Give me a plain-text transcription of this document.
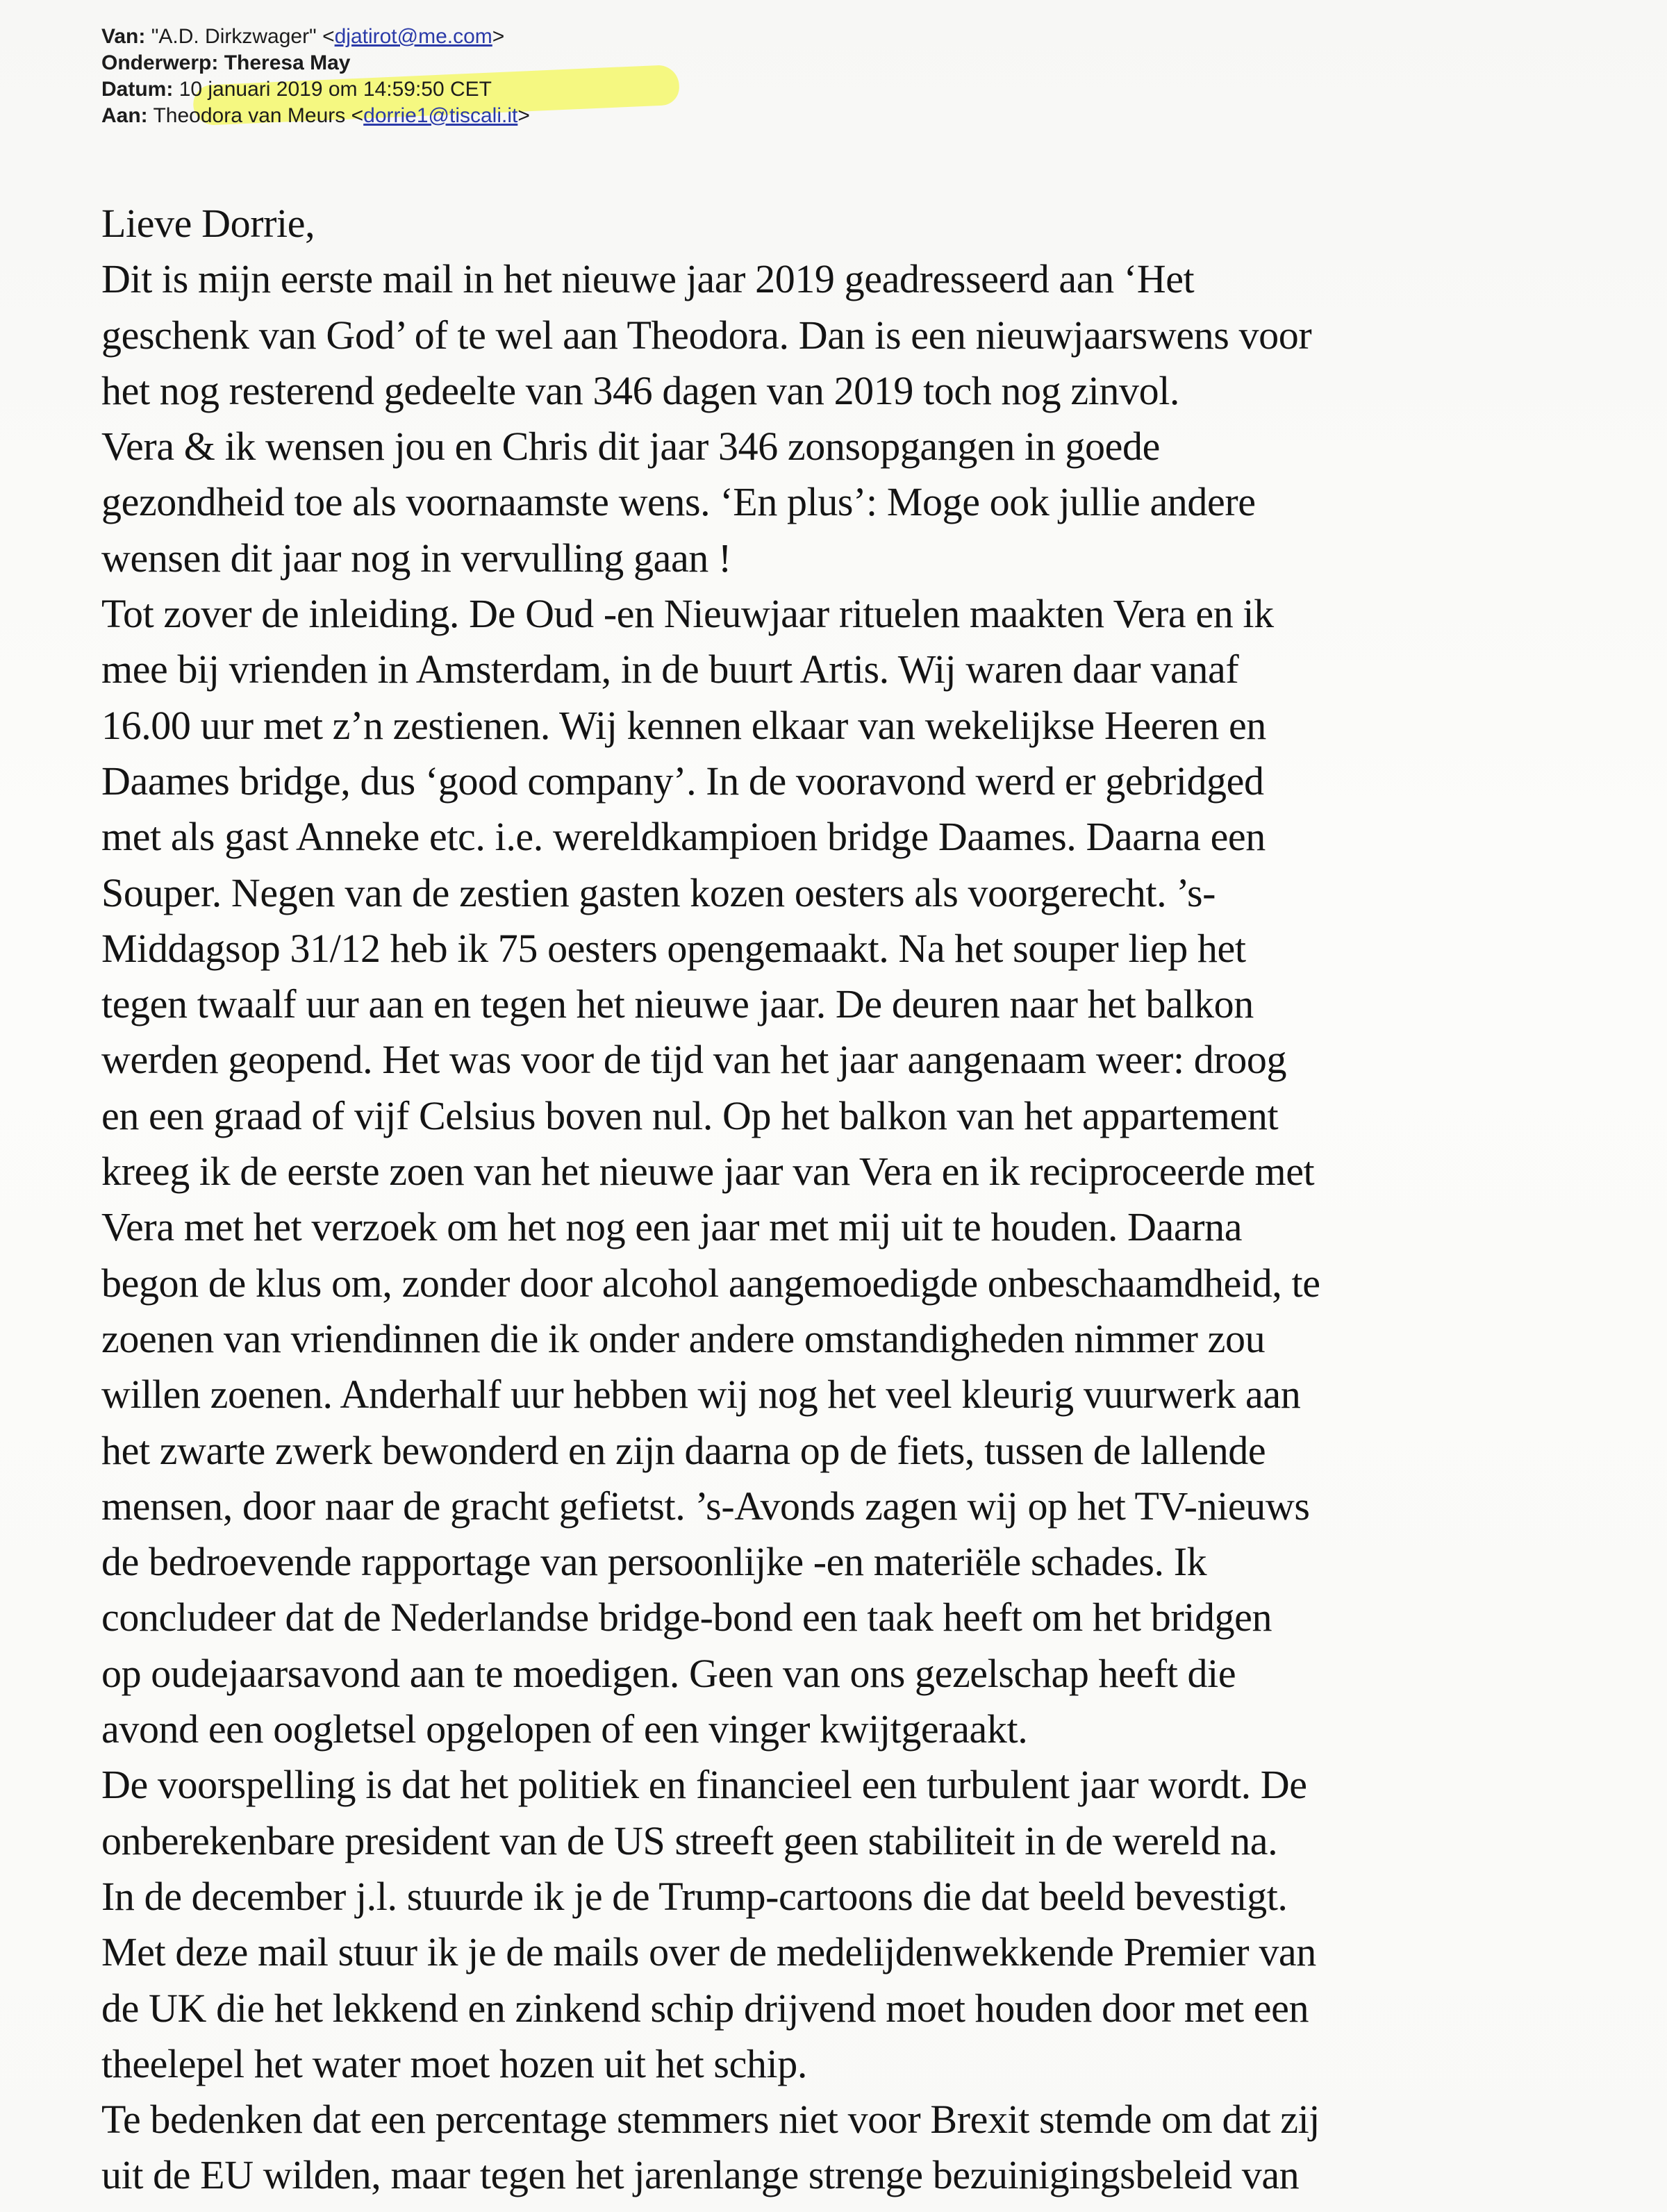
Van: "A.D. Dirkzwager" <djatirot@me.com>
Onderwerp: Theresa May
Datum: 10 januari 2019 om 14:59:50 CET
Aan: Theodora van Meurs <dorrie1@tiscali.it>
Lieve Dorrie,
Dit is mijn eerste mail in het nieuwe jaar 2019 geadresseerd aan ‘Het
geschenk van God’ of te wel aan Theodora. Dan is een nieuwjaarswens voor
het nog resterend gedeelte van 346 dagen van 2019 toch nog zinvol.
Vera & ik wensen jou en Chris dit jaar 346 zonsopgangen in goede
gezondheid toe als voornaamste wens. ‘En plus’: Moge ook jullie andere
wensen dit jaar nog in vervulling gaan !
Tot zover de inleiding. De Oud -en Nieuwjaar rituelen maakten Vera en ik
mee bij vrienden in Amsterdam, in de buurt Artis. Wij waren daar vanaf
16.00 uur met z’n zestienen. Wij kennen elkaar van wekelijkse Heeren en
Daames bridge, dus ‘good company’. In de vooravond werd er gebridged
met als gast Anneke etc. i.e. wereldkampioen bridge Daames. Daarna een
Souper. Negen van de zestien gasten kozen oesters als voorgerecht. ’s-
Middagsop 31/12 heb ik 75 oesters opengemaakt. Na het souper liep het
tegen twaalf uur aan en tegen het nieuwe jaar. De deuren naar het balkon
werden geopend. Het was voor de tijd van het jaar aangenaam weer: droog
en een graad of vijf Celsius boven nul. Op het balkon van het appartement
kreeg ik de eerste zoen van het nieuwe jaar van Vera en ik reciproceerde met
Vera met het verzoek om het nog een jaar met mij uit te houden. Daarna
begon de klus om, zonder door alcohol aangemoedigde onbeschaamdheid, te
zoenen van vriendinnen die ik onder andere omstandigheden nimmer zou
willen zoenen. Anderhalf uur hebben wij nog het veel kleurig vuurwerk aan
het zwarte zwerk bewonderd en zijn daarna op de fiets, tussen de lallende
mensen, door naar de gracht gefietst. ’s-Avonds zagen wij op het TV-nieuws
de bedroevende rapportage van persoonlijke -en materiële schades. Ik
concludeer dat de Nederlandse bridge-bond een taak heeft om het bridgen
op oudejaarsavond aan te moedigen. Geen van ons gezelschap heeft die
avond een oogletsel opgelopen of een vinger kwijtgeraakt.
De voorspelling is dat het politiek en financieel een turbulent jaar wordt. De
onberekenbare president van de US streeft geen stabiliteit in de wereld na.
In de december j.l. stuurde ik je de Trump-cartoons die dat beeld bevestigt.
Met deze mail stuur ik je de mails over de medelijdenwekkende Premier van
de UK die het lekkend en zinkend schip drijvend moet houden door met een
theelepel het water moet hozen uit het schip.
Te bedenken dat een percentage stemmers niet voor Brexit stemde om dat zij
uit de EU wilden, maar tegen het jarenlange strenge bezuinigingsbeleid van
